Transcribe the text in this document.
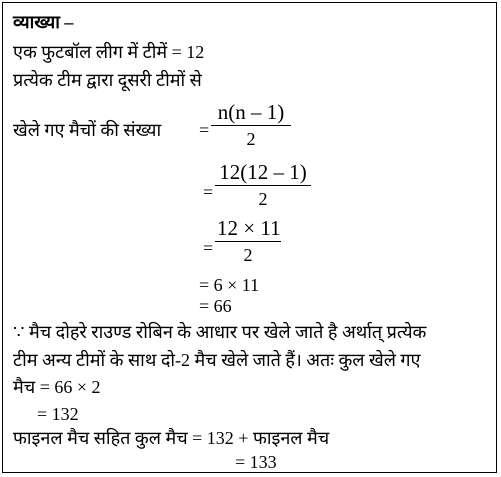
व्याख्या –
एक फुटबॉल लीग में टीमें = 12
प्रत्येक टीम द्वारा दूसरी टीमों से
खेले गए मैचों की संख्या = $\frac{n(n - 1)}{2}$
= $\frac{12(12 - 1)}{2}$
= $\frac{12 \times 11}{2}$
= 6 × 11
= 66
∵ मैच दोहरे राउण्ड रोबिन के आधार पर खेले जाते है अर्थात् प्रत्येक
टीम अन्य टीमों के साथ दो-2 मैच खेले जाते हैं। अतः कुल खेले गए
मैच = 66 × 2
= 132
फाइनल मैच सहित कुल मैच = 132 + फाइनल मैच
= 133
